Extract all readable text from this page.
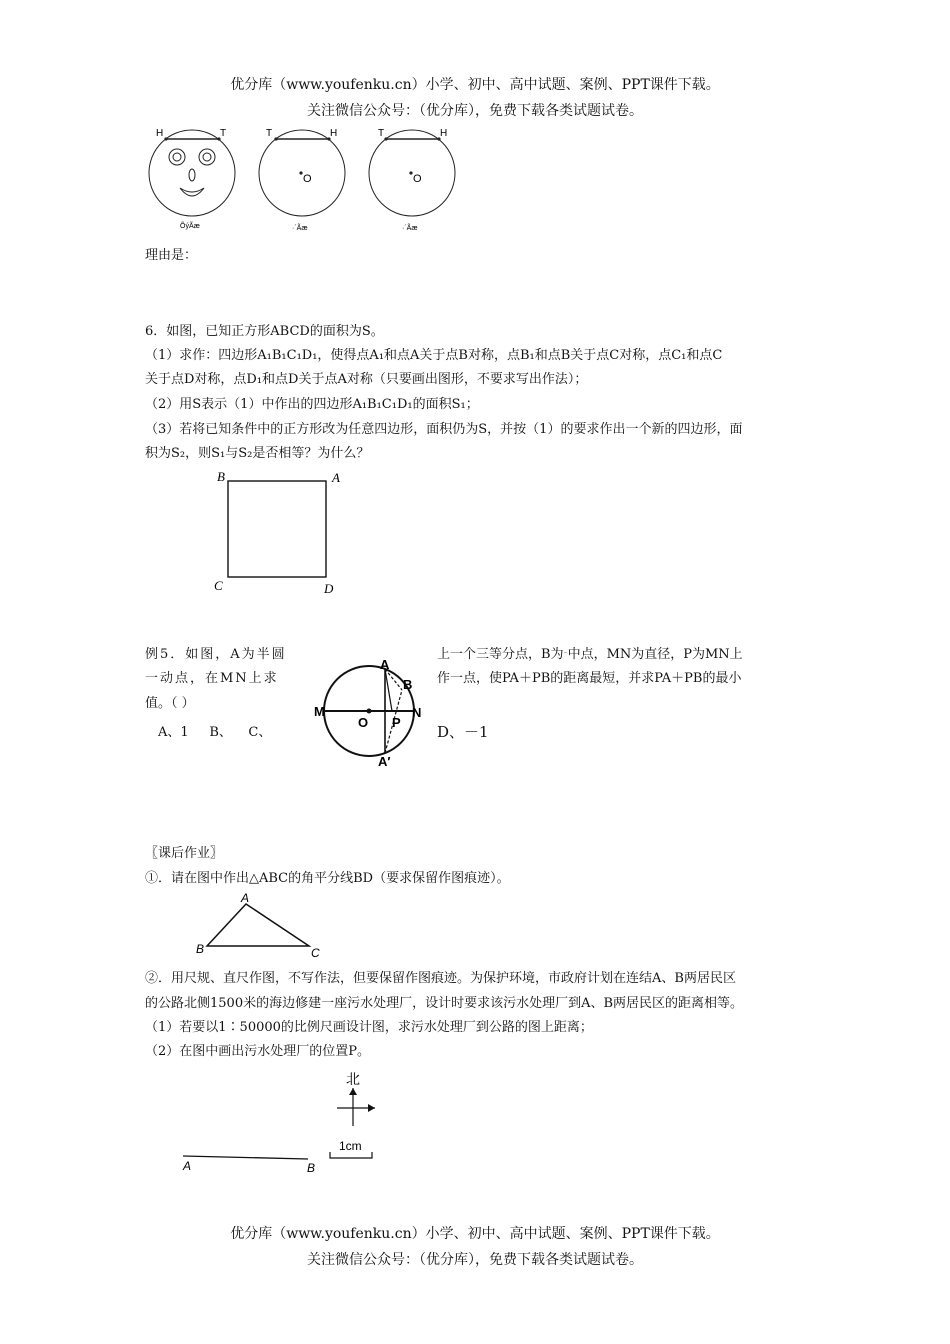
优分库（www.youfenku.cn）小学、初中、高中试题、案例、PPT课件下载。
关注微信公众号：（优分库），免费下载各类试题试卷。
H	T
ÕýÃæ
T	H
O
·´Ãæ
T	H
O
·´Ãæ
理由是：
6．如图，已知正方形ABCD的面积为S。
（1）求作：四边形A₁B₁C₁D₁，使得点A₁和点A关于点B对称，点B₁和点B关于点C对称，点C₁和点C
关于点D对称，点D₁和点D关于点A对称（只要画出图形，不要求写出作法）；
（2）用S表示（1）中作出的四边形A₁B₁C₁D₁的面积S₁；
（3）若将已知条件中的正方形改为任意四边形，面积仍为S，并按（1）的要求作出一个新的四边形，面
积为S₂，则S₁与S₂是否相等？为什么？
B	A
C	D
例5．如图，A为半圆
一动点，在MN上求
值。（ ）
A、1     B、    C、
上一个三等分点，B为⌒中点，MN为直径，P为MN上
作一点，使PA＋PB的距离最短，并求PA＋PB的最小
D、－1
A
B
M
O P
N
A′
〖课后作业〗
①．请在图中作出△ABC的角平分线BD（要求保留作图痕迹）。
A
B	C
②．用尺规、直尺作图，不写作法，但要保留作图痕迹。为保护环境，市政府计划在连结A、B两居民区
的公路北侧1500米的海边修建一座污水处理厂，设计时要求该污水处理厂到A、B两居民区的距离相等。
（1）若要以1∶50000的比例尺画设计图，求污水处理厂到公路的图上距离；
（2）在图中画出污水处理厂的位置P。
北
1cm
A	B
优分库（www.youfenku.cn）小学、初中、高中试题、案例、PPT课件下载。
关注微信公众号：（优分库），免费下载各类试题试卷。
